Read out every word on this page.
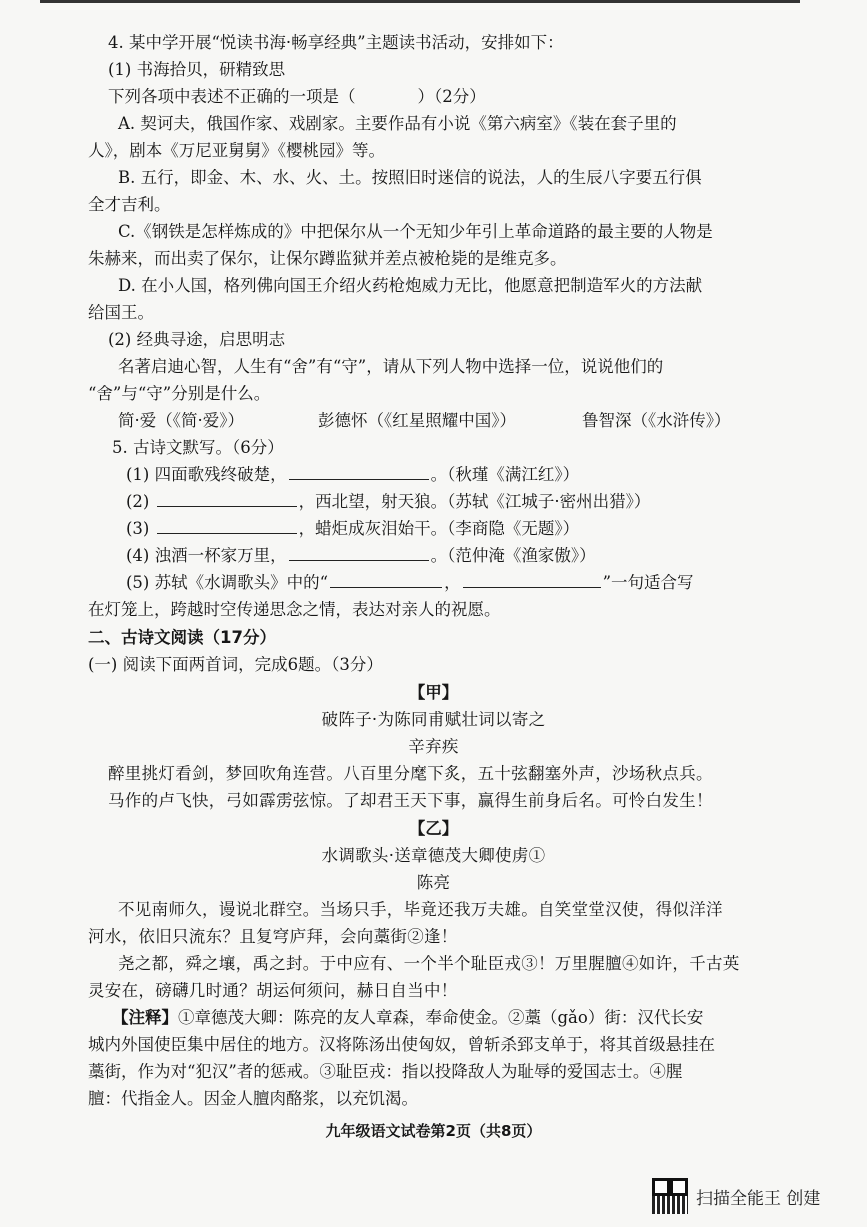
4. 某中学开展“悦读书海·畅享经典”主题读书活动，安排如下：
(1) 书海拾贝，研精致思
下列各项中表述不正确的一项是（	）（2分）
A. 契诃夫，俄国作家、戏剧家。主要作品有小说《第六病室》《装在套子里的
人》，剧本《万尼亚舅舅》《樱桃园》等。
B. 五行，即金、木、水、火、土。按照旧时迷信的说法，人的生辰八字要五行俱
全才吉利。
C.《钢铁是怎样炼成的》中把保尔从一个无知少年引上革命道路的最主要的人物是
朱赫来，而出卖了保尔，让保尔蹲监狱并差点被枪毙的是维克多。
D. 在小人国，格列佛向国王介绍火药枪炮威力无比，他愿意把制造军火的方法献
给国王。
(2) 经典寻途，启思明志
名著启迪心智，人生有“舍”有“守”，请从下列人物中选择一位，说说他们的
“舍”与“守”分别是什么。
简·爱（《简·爱》）	彭德怀（《红星照耀中国》）	鲁智深（《水浒传》）
5. 古诗文默写。（6分）
(1) 四面歌残终破楚，	。（秋瑾《满江红》）
(2)	，西北望，射天狼。（苏轼《江城子·密州出猎》）
(3)	，蜡炬成灰泪始干。（李商隐《无题》）
(4) 浊酒一杯家万里，	。（范仲淹《渔家傲》）
(5) 苏轼《水调歌头》中的“	，	”一句适合写
在灯笼上，跨越时空传递思念之情，表达对亲人的祝愿。
二、古诗文阅读（17分）
(一) 阅读下面两首词，完成6题。（3分）
【甲】
破阵子·为陈同甫赋壮词以寄之
辛弃疾
醉里挑灯看剑，梦回吹角连营。八百里分麾下炙，五十弦翻塞外声，沙场秋点兵。
马作的卢飞快，弓如霹雳弦惊。了却君王天下事，赢得生前身后名。可怜白发生！
【乙】
水调歌头·送章德茂大卿使虏①
陈亮
不见南师久，谩说北群空。当场只手，毕竟还我万夫雄。自笑堂堂汉使，得似洋洋
河水，依旧只流东？且复穹庐拜，会向藁街②逢！
尧之都，舜之壤，禹之封。于中应有、一个半个耻臣戎③！万里腥膻④如许，千古英
灵安在，磅礴几时通？胡运何须问，赫日自当中！
【注释】①章德茂大卿：陈亮的友人章森，奉命使金。②藁（gǎo）街：汉代长安
城内外国使臣集中居住的地方。汉将陈汤出使匈奴，曾斩杀郅支单于，将其首级悬挂在
藁街，作为对“犯汉”者的惩戒。③耻臣戎：指以投降敌人为耻辱的爱国志士。④腥
膻：代指金人。因金人膻肉酪浆，以充饥渴。
九年级语文试卷第2页（共8页）
扫描全能王 创建
